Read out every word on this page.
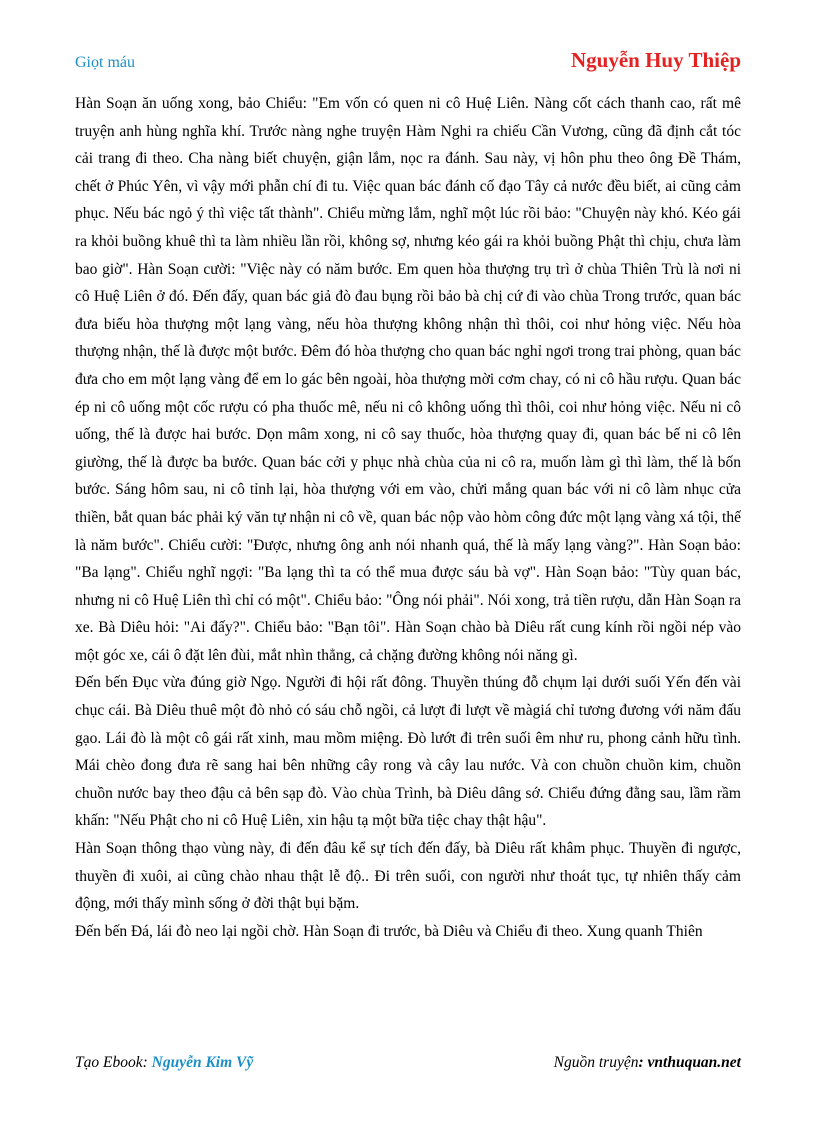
Giọt máu	Nguyễn Huy Thiệp

Hàn Soạn ăn uống xong, bảo Chiểu: "Em vốn có quen ni cô Huệ Liên. Nàng cốt cách thanh cao, rất mê truyện anh hùng nghĩa khí. Trước nàng nghe truyện Hàm Nghi ra chiếu Cần Vương, cũng đã định cắt tóc cải trang đi theo. Cha nàng biết chuyện, giận lắm, nọc ra đánh. Sau này, vị hôn phu theo ông Đề Thám, chết ở Phúc Yên, vì vậy mới phẫn chí đi tu. Việc quan bác đánh cố đạo Tây cả nước đều biết, ai cũng cảm phục. Nếu bác ngỏ ý thì việc tất thành". Chiểu mừng lắm, nghĩ một lúc rồi bảo: "Chuyện này khó. Kéo gái ra khỏi buồng khuê thì ta làm nhiều lần rồi, không sợ, nhưng kéo gái ra khỏi buồng Phật thì chịu, chưa làm bao giờ". Hàn Soạn cười: "Việc này có năm bước. Em quen hòa thượng trụ trì ở chùa Thiên Trù là nơi ni cô Huệ Liên ở đó. Đến đấy, quan bác giả đò đau bụng rồi bảo bà chị cứ đi vào chùa Trong trước, quan bác đưa biếu hòa thượng một lạng vàng, nếu hòa thượng không nhận thì thôi, coi như hỏng việc. Nếu hòa thượng nhận, thế là được một bước. Đêm đó hòa thượng cho quan bác nghỉ ngơi trong trai phòng, quan bác đưa cho em một lạng vàng để em lo gác bên ngoài, hòa thượng mời cơm chay, có ni cô hầu rượu. Quan bác ép ni cô uống một cốc rượu có pha thuốc mê, nếu ni cô không uống thì thôi, coi như hỏng việc. Nếu ni cô uống, thế là được hai bước. Dọn mâm xong, ni cô say thuốc, hòa thượng quay đi, quan bác bế ni cô lên giường, thế là được ba bước. Quan bác cởi y phục nhà chùa của ni cô ra, muốn làm gì thì làm, thế là bốn bước. Sáng hôm sau, ni cô tỉnh lại, hòa thượng với em vào, chửi mắng quan bác với ni cô làm nhục cửa thiền, bắt quan bác phải ký văn tự nhận ni cô về, quan bác nộp vào hòm công đức một lạng vàng xá tội, thế là năm bước". Chiểu cười: "Được, nhưng ông anh nói nhanh quá, thế là mấy lạng vàng?". Hàn Soạn bảo: "Ba lạng". Chiểu nghĩ ngợi: "Ba lạng thì ta có thể mua được sáu bà vợ". Hàn Soạn bảo: "Tùy quan bác, nhưng ni cô Huệ Liên thì chỉ có một". Chiểu bảo: "Ông nói phải". Nói xong, trả tiền rượu, dẫn Hàn Soạn ra xe. Bà Diêu hỏi: "Ai đấy?". Chiểu bảo: "Bạn tôi". Hàn Soạn chào bà Diêu rất cung kính rồi ngồi nép vào một góc xe, cái ô đặt lên đùi, mắt nhìn thẳng, cả chặng đường không nói năng gì.

Đến bến Đục vừa đúng giờ Ngọ. Người đi hội rất đông. Thuyền thúng đỗ chụm lại dưới suối Yến đến vài chục cái. Bà Diêu thuê một đò nhỏ có sáu chỗ ngồi, cả lượt đi lượt về màgiá chỉ tương đương với năm đấu gạo. Lái đò là một cô gái rất xinh, mau mồm miệng. Đò lướt đi trên suối êm như ru, phong cảnh hữu tình. Mái chèo đong đưa rẽ sang hai bên những cây rong và cây lau nước. Và con chuồn chuồn kim, chuồn chuồn nước bay theo đậu cả bên sạp đò. Vào chùa Trình, bà Diêu dâng sớ. Chiểu đứng đằng sau, lầm rầm khấn: "Nếu Phật cho ni cô Huệ Liên, xin hậu tạ một bữa tiệc chay thật hậu".

Hàn Soạn thông thạo vùng này, đi đến đâu kể sự tích đến đấy, bà Diêu rất khâm phục. Thuyền đi ngược, thuyền đi xuôi, ai cũng chào nhau thật lễ độ.. Đi trên suối, con người như thoát tục, tự nhiên thấy cảm động, mới thấy mình sống ở đời thật bụi bặm.

Đến bến Đá, lái đò neo lại ngồi chờ. Hàn Soạn đi trước, bà Diêu và Chiểu đi theo. Xung quanh Thiên

Tạo Ebook: Nguyễn Kim Vỹ	Nguồn truyện: vnthuquan.net
